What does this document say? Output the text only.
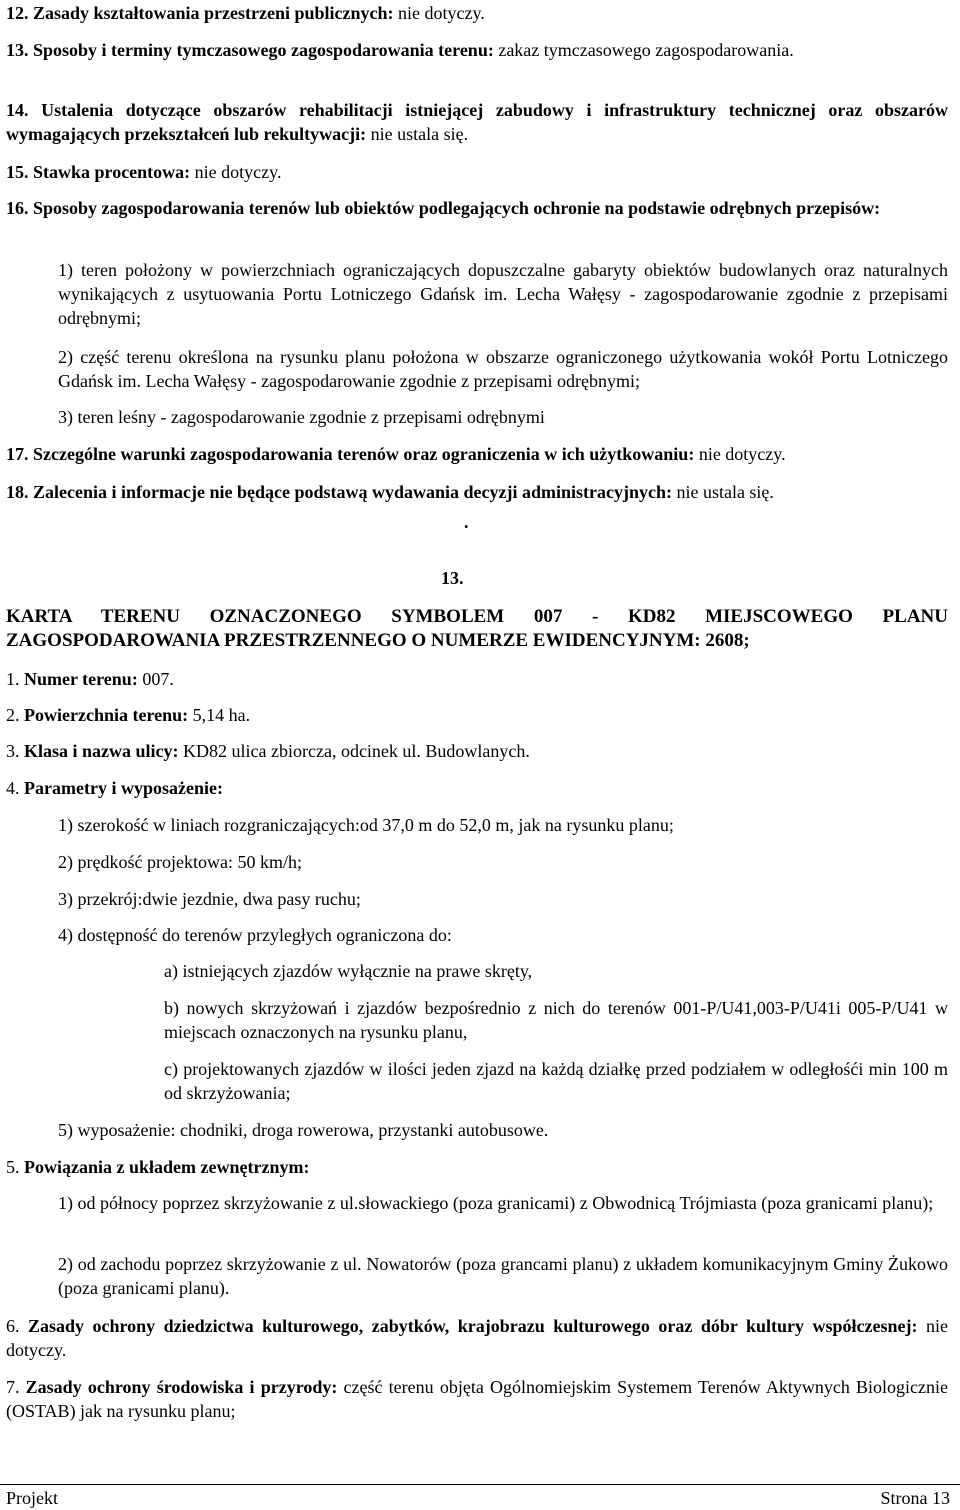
12. Zasady kształtowania przestrzeni publicznych: nie dotyczy.

13. Sposoby i terminy tymczasowego zagospodarowania terenu: zakaz tymczasowego zagospodarowania.

14. Ustalenia dotyczące obszarów rehabilitacji istniejącej zabudowy i infrastruktury technicznej oraz obszarów wymagających przekształceń lub rekultywacji: nie ustala się.

15. Stawka procentowa: nie dotyczy.

16. Sposoby zagospodarowania terenów lub obiektów podlegających ochronie na podstawie odrębnych przepisów:

1) teren położony w powierzchniach ograniczających dopuszczalne gabaryty obiektów budowlanych oraz naturalnych wynikających z usytuowania Portu Lotniczego Gdańsk im. Lecha Wałęsy - zagospodarowanie zgodnie z przepisami odrębnymi;

2) część terenu określona na rysunku planu położona w obszarze ograniczonego użytkowania wokół Portu Lotniczego Gdańsk im. Lecha Wałęsy - zagospodarowanie zgodnie z przepisami odrębnymi;

3) teren leśny - zagospodarowanie zgodnie z przepisami odrębnymi

17. Szczególne warunki zagospodarowania terenów oraz ograniczenia w ich użytkowaniu: nie dotyczy.

18. Zalecenia i informacje nie będące podstawą wydawania decyzji administracyjnych: nie ustala się.

.

13.

KARTA TERENU OZNACZONEGO SYMBOLEM 007 - KD82 MIEJSCOWEGO PLANU
ZAGOSPODAROWANIA PRZESTRZENNEGO O NUMERZE EWIDENCYJNYM: 2608;

1. Numer terenu: 007.

2. Powierzchnia terenu: 5,14 ha.

3. Klasa i nazwa ulicy: KD82 ulica zbiorcza, odcinek ul. Budowlanych.

4. Parametry i wyposażenie:

1) szerokość w liniach rozgraniczających:od 37,0 m do 52,0 m, jak na rysunku planu;

2) prędkość projektowa: 50 km/h;

3) przekrój:dwie jezdnie, dwa pasy ruchu;

4) dostępność do terenów przyległych ograniczona do:

a) istniejących zjazdów wyłącznie na prawe skręty,

b) nowych skrzyżowań i zjazdów bezpośrednio z nich do terenów 001-P/U41,003-P/U41i 005-P/U41 w miejscach oznaczonych na rysunku planu,

c) projektowanych zjazdów w ilości jeden zjazd na każdą działkę przed podziałem w odległośći min 100 m od skrzyżowania;

5) wyposażenie: chodniki, droga rowerowa, przystanki autobusowe.

5. Powiązania z układem zewnętrznym:

1) od północy poprzez skrzyżowanie z ul.słowackiego (poza granicami) z Obwodnicą Trójmiasta (poza granicami planu);

2) od zachodu poprzez skrzyżowanie z ul. Nowatorów (poza grancami planu) z układem komunikacyjnym Gminy Żukowo (poza granicami planu).

6. Zasady ochrony dziedzictwa kulturowego, zabytków, krajobrazu kulturowego oraz dóbr kultury współczesnej: nie dotyczy.

7. Zasady ochrony środowiska i przyrody: część terenu objęta Ogólnomiejskim Systemem Terenów Aktywnych Biologicznie (OSTAB) jak na rysunku planu;

Projekt	Strona 13
